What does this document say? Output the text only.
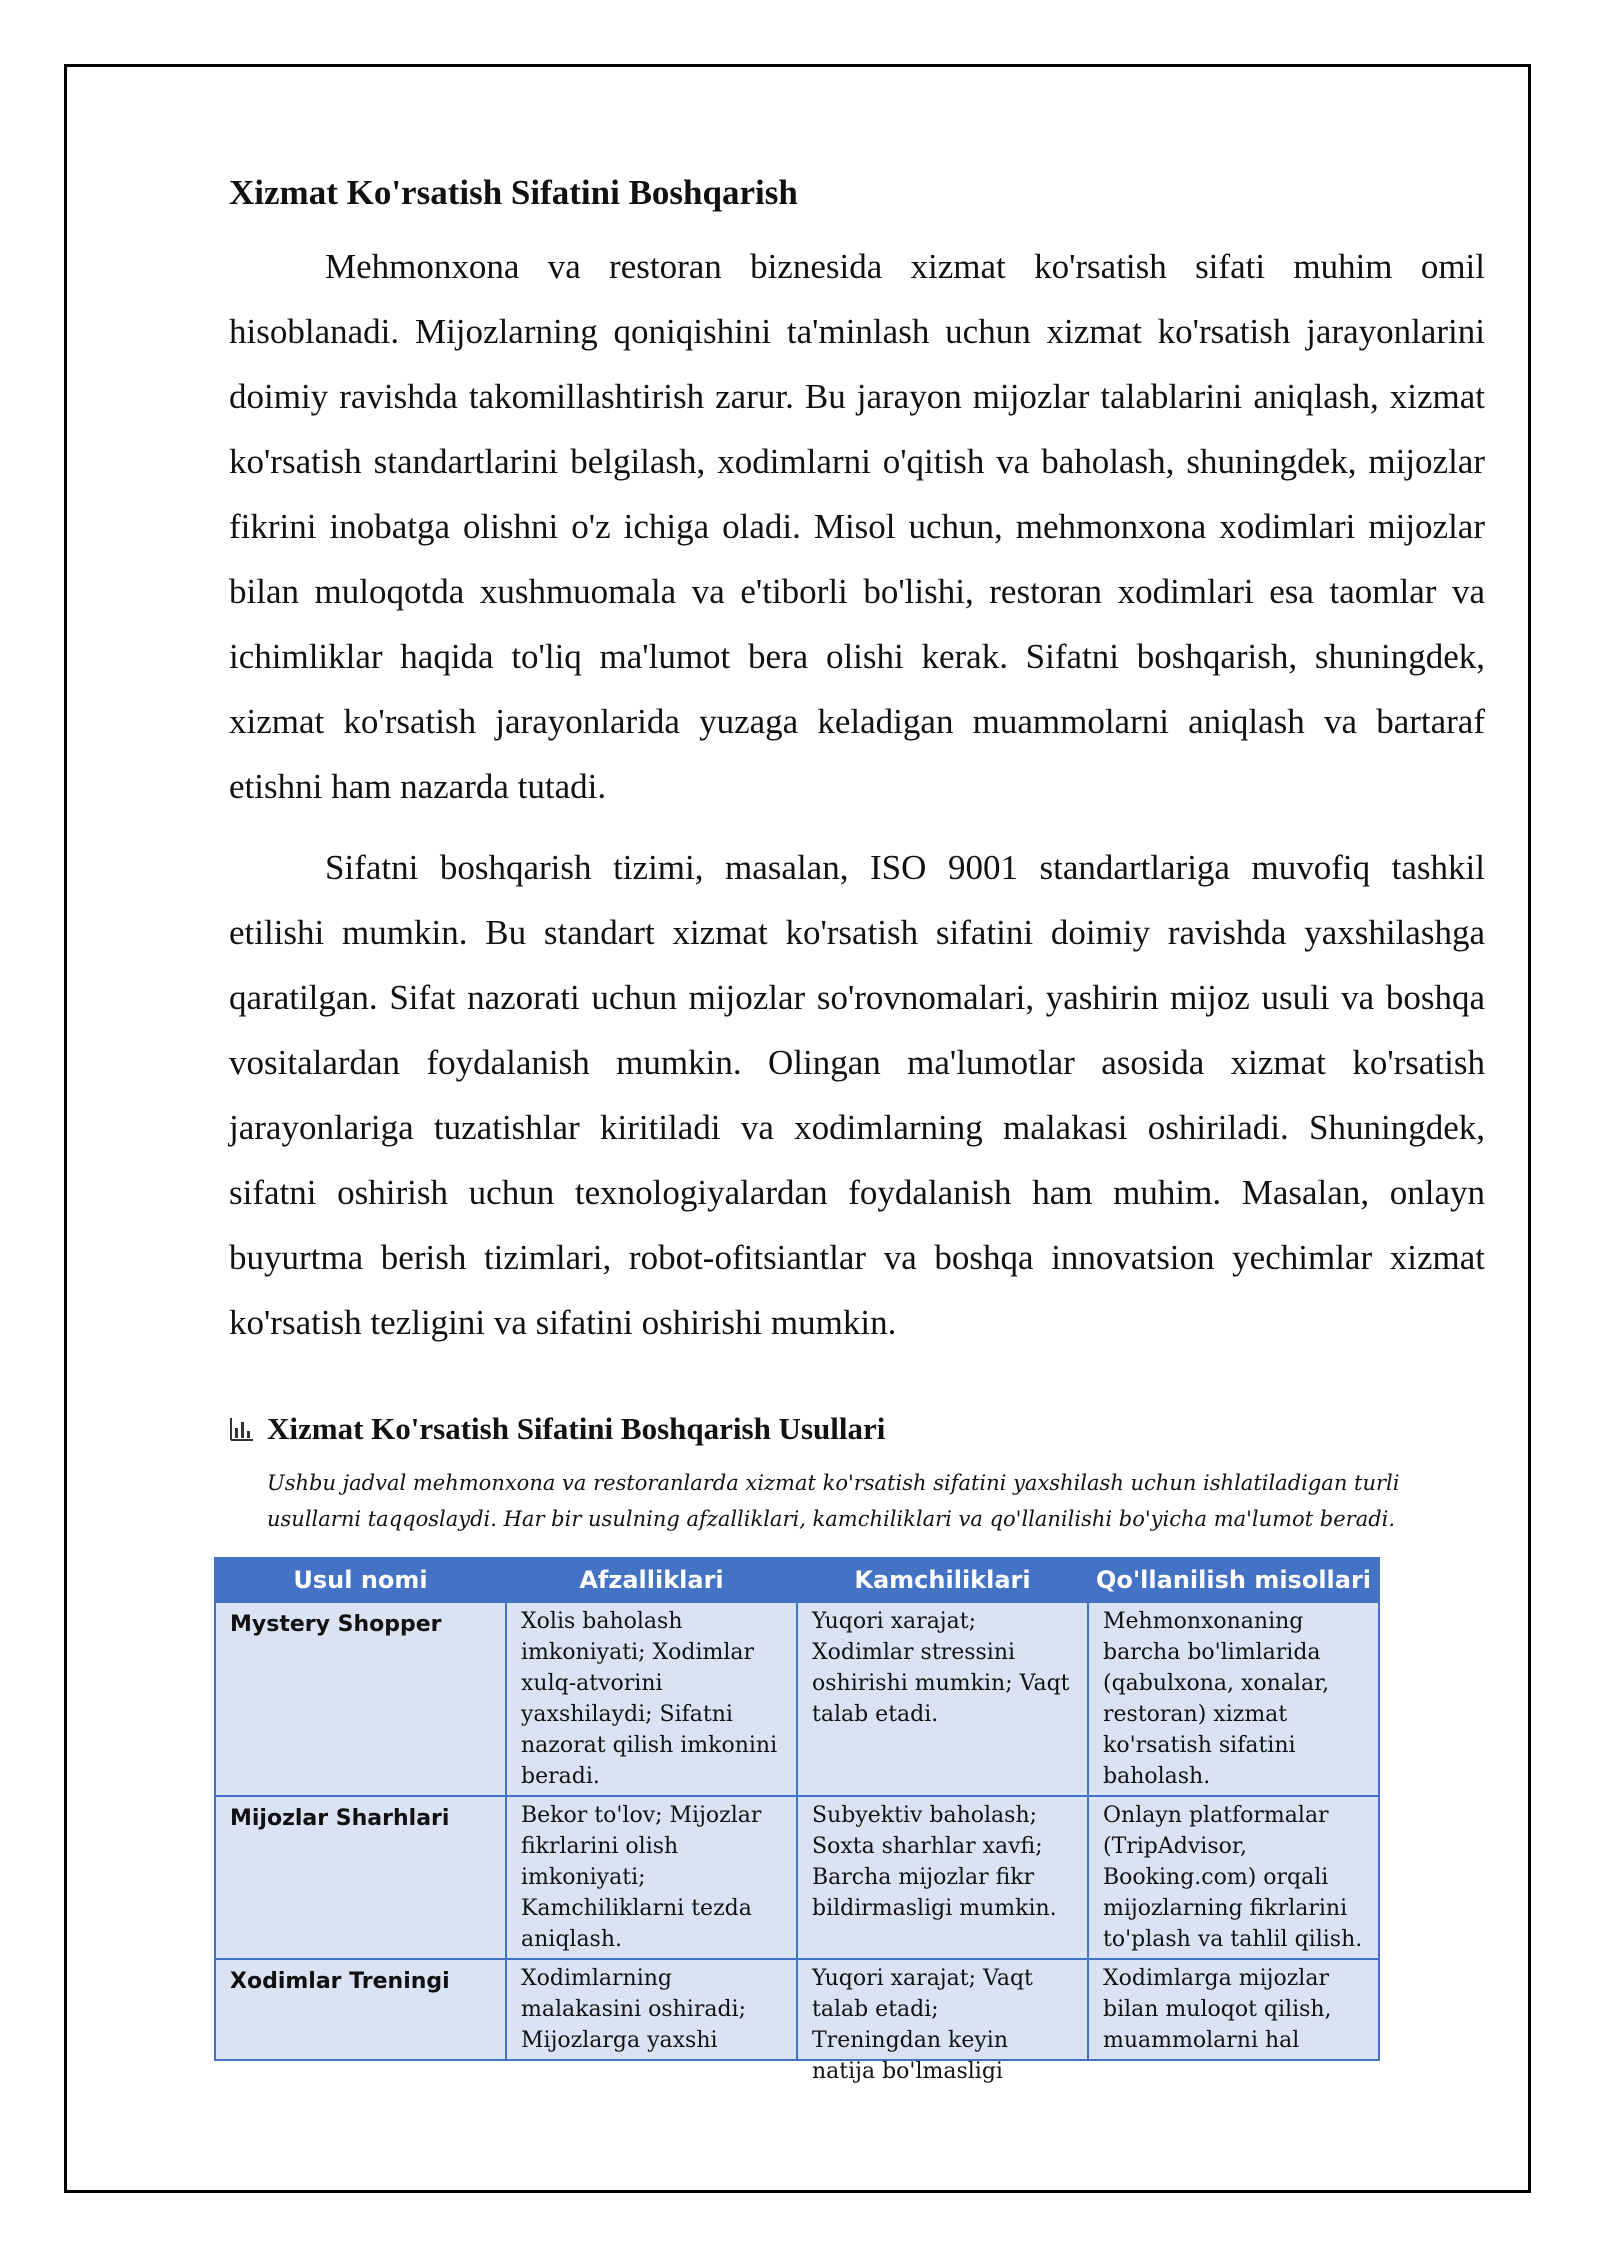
Xizmat Ko'rsatish Sifatini Boshqarish

Mehmonxona va restoran biznesida xizmat ko'rsatish sifati muhim omil hisoblanadi. Mijozlarning qoniqishini ta'minlash uchun xizmat ko'rsatish jarayonlarini doimiy ravishda takomillashtirish zarur. Bu jarayon mijozlar talablarini aniqlash, xizmat ko'rsatish standartlarini belgilash, xodimlarni o'qitish va baholash, shuningdek, mijozlar fikrini inobatga olishni o'z ichiga oladi. Misol uchun, mehmonxona xodimlari mijozlar bilan muloqotda xushmuomala va e'tiborli bo'lishi, restoran xodimlari esa taomlar va ichimliklar haqida to'liq ma'lumot bera olishi kerak. Sifatni boshqarish, shuningdek, xizmat ko'rsatish jarayonlarida yuzaga keladigan muammolarni aniqlash va bartaraf etishni ham nazarda tutadi.

Sifatni boshqarish tizimi, masalan, ISO 9001 standartlariga muvofiq tashkil etilishi mumkin. Bu standart xizmat ko'rsatish sifatini doimiy ravishda yaxshilashga qaratilgan. Sifat nazorati uchun mijozlar so'rovnomalari, yashirin mijoz usuli va boshqa vositalardan foydalanish mumkin. Olingan ma'lumotlar asosida xizmat ko'rsatish jarayonlariga tuzatishlar kiritiladi va xodimlarning malakasi oshiriladi. Shuningdek, sifatni oshirish uchun texnologiyalardan foydalanish ham muhim. Masalan, onlayn buyurtma berish tizimlari, robot-ofitsiantlar va boshqa innovatsion yechimlar xizmat ko'rsatish tezligini va sifatini oshirishi mumkin.

Xizmat Ko'rsatish Sifatini Boshqarish Usullari
Ushbu jadval mehmonxona va restoranlarda xizmat ko'rsatish sifatini yaxshilash uchun ishlatiladigan turli usullarni taqqoslaydi. Har bir usulning afzalliklari, kamchiliklari va qo'llanilishi bo'yicha ma'lumot beradi.
Usul nomi	Afzalliklari	Kamchiliklari	Qo'llanilish misollari
Mystery Shopper	Xolis baholash imkoniyati; Xodimlar xulq-atvorini yaxshilaydi; Sifatni nazorat qilish imkonini beradi.	Yuqori xarajat; Xodimlar stressini oshirishi mumkin; Vaqt talab etadi.	Mehmonxonaning barcha bo'limlarida (qabulxona, xonalar, restoran) xizmat ko'rsatish sifatini baholash.
Mijozlar Sharhlari	Bekor to'lov; Mijozlar fikrlarini olish imkoniyati; Kamchiliklarni tezda aniqlash.	Subyektiv baholash; Soxta sharhlar xavfi; Barcha mijozlar fikr bildirmasligi mumkin.	Onlayn platformalar (TripAdvisor, Booking.com) orqali mijozlarning fikrlarini to'plash va tahlil qilish.

Xodimlar Treningi	Xodimlarning malakasini oshiradi; Mijozlarga yaxshi	Yuqori xarajat; Vaqt talab etadi; Treningdan keyin natija bo'lmasligi	Xodimlarga mijozlar bilan muloqot qilish, muammolarni hal
